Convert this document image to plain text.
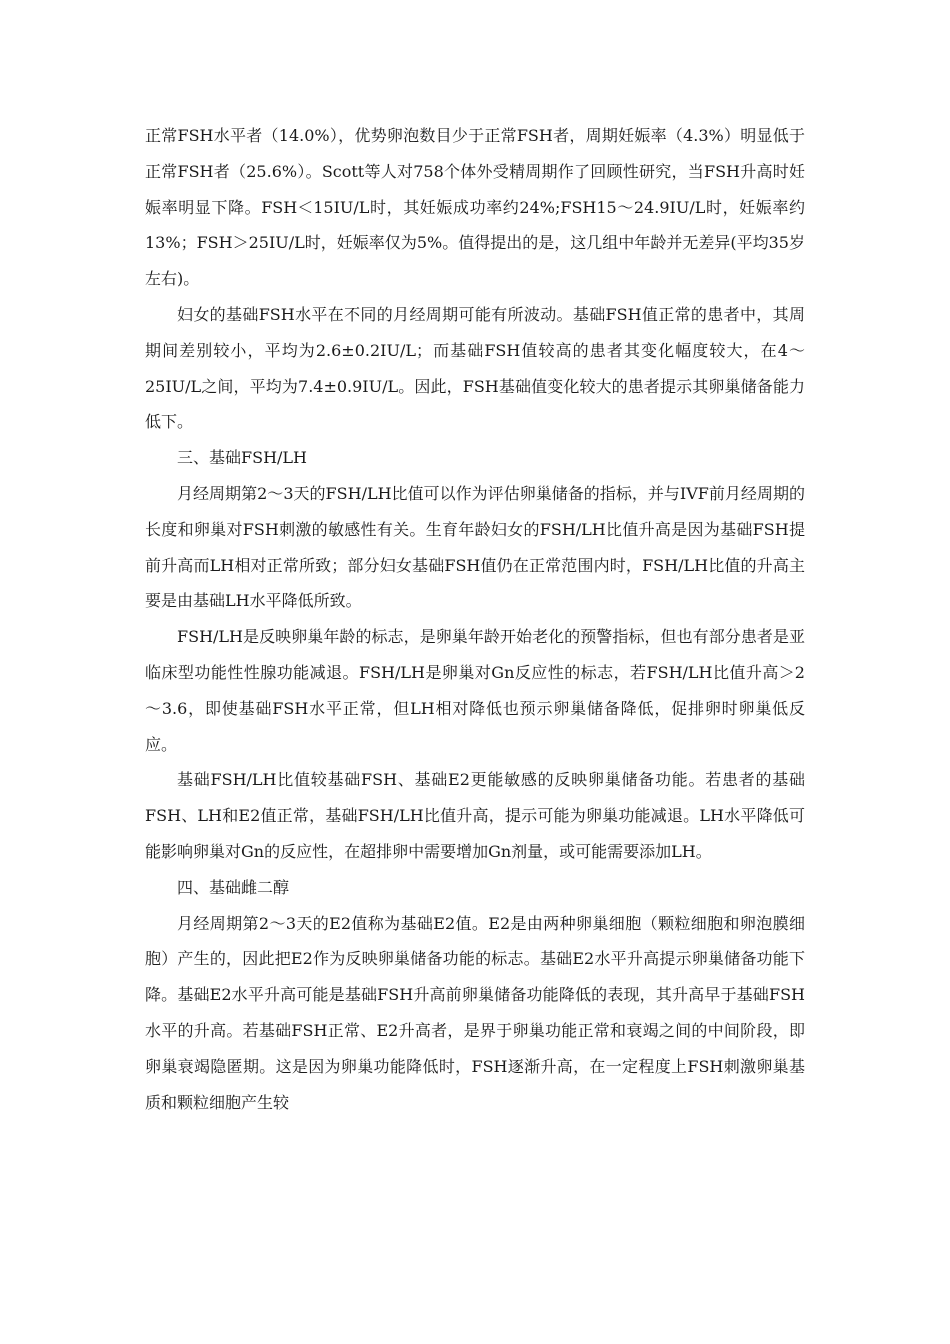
正常FSH水平者（14.0%），优势卵泡数目少于正常FSH者，周期妊娠率（4.3%）明显低于正常FSH者（25.6%）。Scott等人对758个体外受精周期作了回顾性研究，当FSH升高时妊娠率明显下降。FSH＜15IU/L时，其妊娠成功率约24%;FSH15～24.9IU/L时，妊娠率约13%；FSH＞25IU/L时，妊娠率仅为5%。值得提出的是，这几组中年龄并无差异(平均35岁左右)。

妇女的基础FSH水平在不同的月经周期可能有所波动。基础FSH值正常的患者中，其周期间差别较小，平均为2.6±0.2IU/L；而基础FSH值较高的患者其变化幅度较大，在4～25IU/L之间，平均为7.4±0.9IU/L。因此，FSH基础值变化较大的患者提示其卵巢储备能力低下。

三、基础FSH/LH

月经周期第2～3天的FSH/LH比值可以作为评估卵巢储备的指标，并与IVF前月经周期的长度和卵巢对FSH刺激的敏感性有关。生育年龄妇女的FSH/LH比值升高是因为基础FSH提前升高而LH相对正常所致；部分妇女基础FSH值仍在正常范围内时，FSH/LH比值的升高主要是由基础LH水平降低所致。

FSH/LH是反映卵巢年龄的标志，是卵巢年龄开始老化的预警指标，但也有部分患者是亚临床型功能性性腺功能减退。FSH/LH是卵巢对Gn反应性的标志，若FSH/LH比值升高＞2～3.6，即使基础FSH水平正常，但LH相对降低也预示卵巢储备降低，促排卵时卵巢低反应。

基础FSH/LH比值较基础FSH、基础E2更能敏感的反映卵巢储备功能。若患者的基础FSH、LH和E2值正常，基础FSH/LH比值升高，提示可能为卵巢功能减退。LH水平降低可能影响卵巢对Gn的反应性，在超排卵中需要增加Gn剂量，或可能需要添加LH。

四、基础雌二醇

月经周期第2～3天的E2值称为基础E2值。E2是由两种卵巢细胞（颗粒细胞和卵泡膜细胞）产生的，因此把E2作为反映卵巢储备功能的标志。基础E2水平升高提示卵巢储备功能下降。基础E2水平升高可能是基础FSH升高前卵巢储备功能降低的表现，其升高早于基础FSH水平的升高。若基础FSH正常、E2升高者，是界于卵巢功能正常和衰竭之间的中间阶段，即卵巢衰竭隐匿期。这是因为卵巢功能降低时，FSH逐渐升高，在一定程度上FSH刺激卵巢基质和颗粒细胞产生较
